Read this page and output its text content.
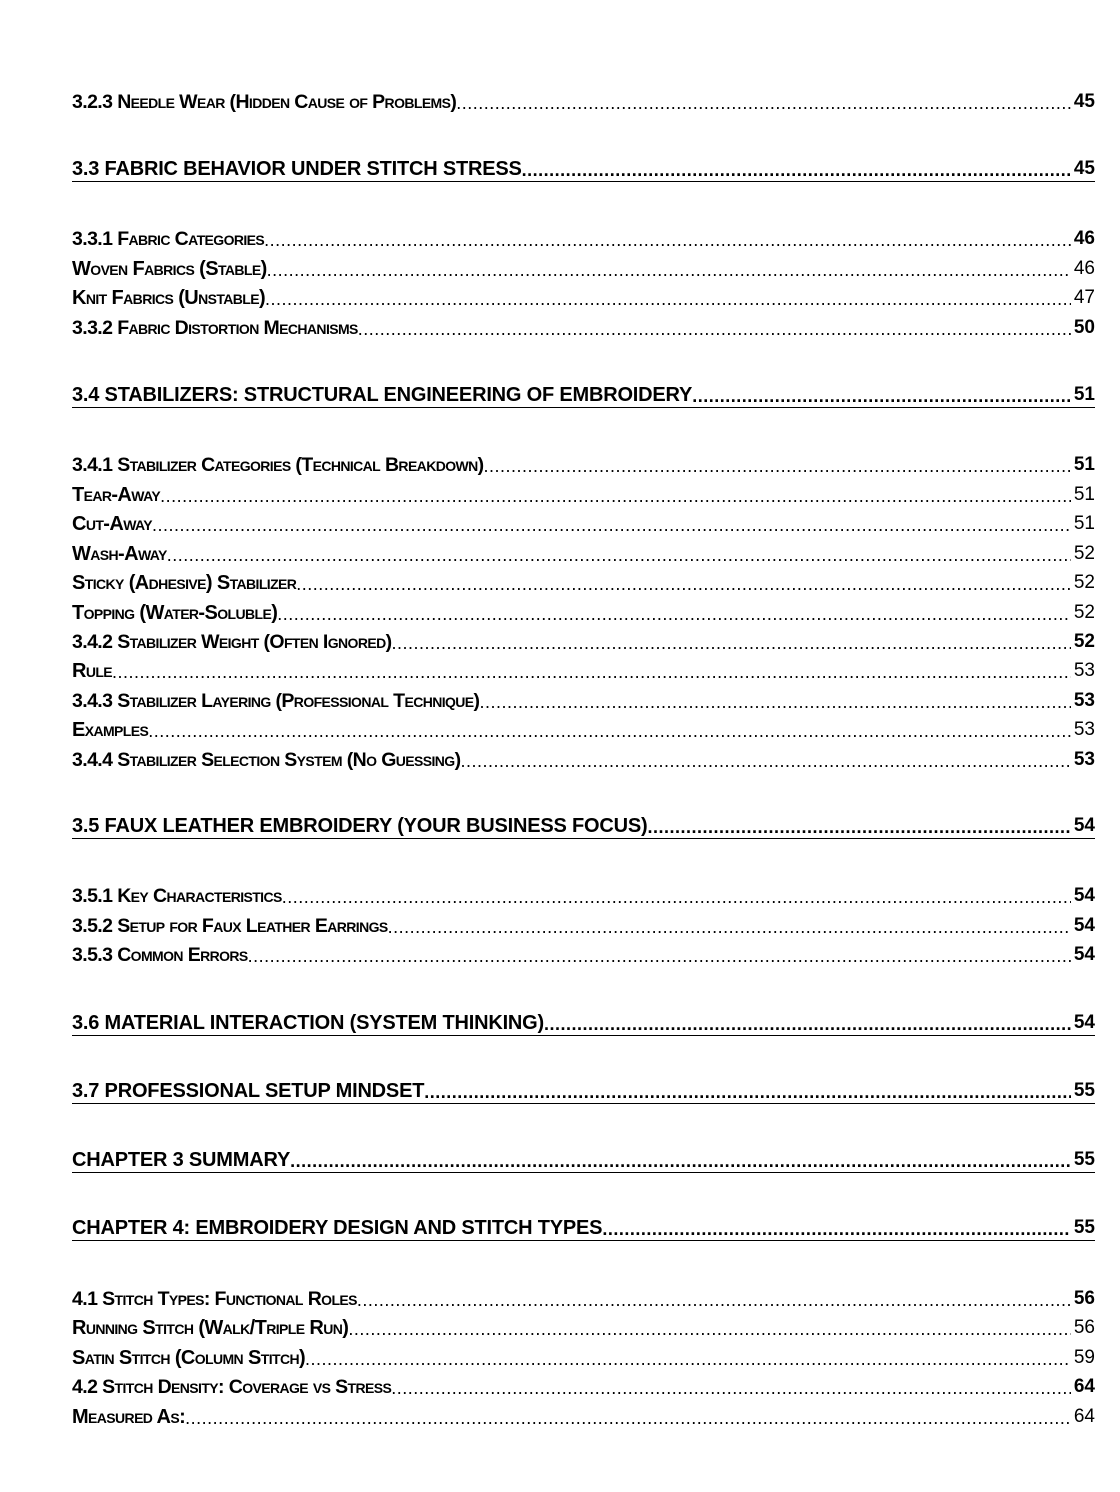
3.2.3 Needle Wear (Hidden Cause of Problems) .....	45
3.3 FABRIC BEHAVIOR UNDER STITCH STRESS .....	45
3.3.1 Fabric Categories .....	46
Woven Fabrics (Stable) .....	46
Knit Fabrics (Unstable) .....	47
3.3.2 Fabric Distortion Mechanisms .....	50
3.4 STABILIZERS: STRUCTURAL ENGINEERING OF EMBROIDERY .....	51
3.4.1 Stabilizer Categories (Technical Breakdown) .....	51
Tear-Away .....	51
Cut-Away .....	51
Wash-Away .....	52
Sticky (Adhesive) Stabilizer .....	52
Topping (Water-Soluble) .....	52
3.4.2 Stabilizer Weight (Often Ignored) .....	52
Rule .....	53
3.4.3 Stabilizer Layering (Professional Technique) .....	53
Examples .....	53
3.4.4 Stabilizer Selection System (No Guessing) .....	53
3.5 FAUX LEATHER EMBROIDERY (YOUR BUSINESS FOCUS) .....	54
3.5.1 Key Characteristics .....	54
3.5.2 Setup for Faux Leather Earrings .....	54
3.5.3 Common Errors .....	54
3.6 MATERIAL INTERACTION (SYSTEM THINKING) .....	54
3.7 PROFESSIONAL SETUP MINDSET .....	55
CHAPTER 3 SUMMARY .....	55
CHAPTER 4: EMBROIDERY DESIGN AND STITCH TYPES .....	55
4.1 Stitch Types: Functional Roles .....	56
Running Stitch (Walk/Triple Run) .....	56
Satin Stitch (Column Stitch) .....	59
4.2 Stitch Density: Coverage vs Stress .....	64
Measured As: .....	64
